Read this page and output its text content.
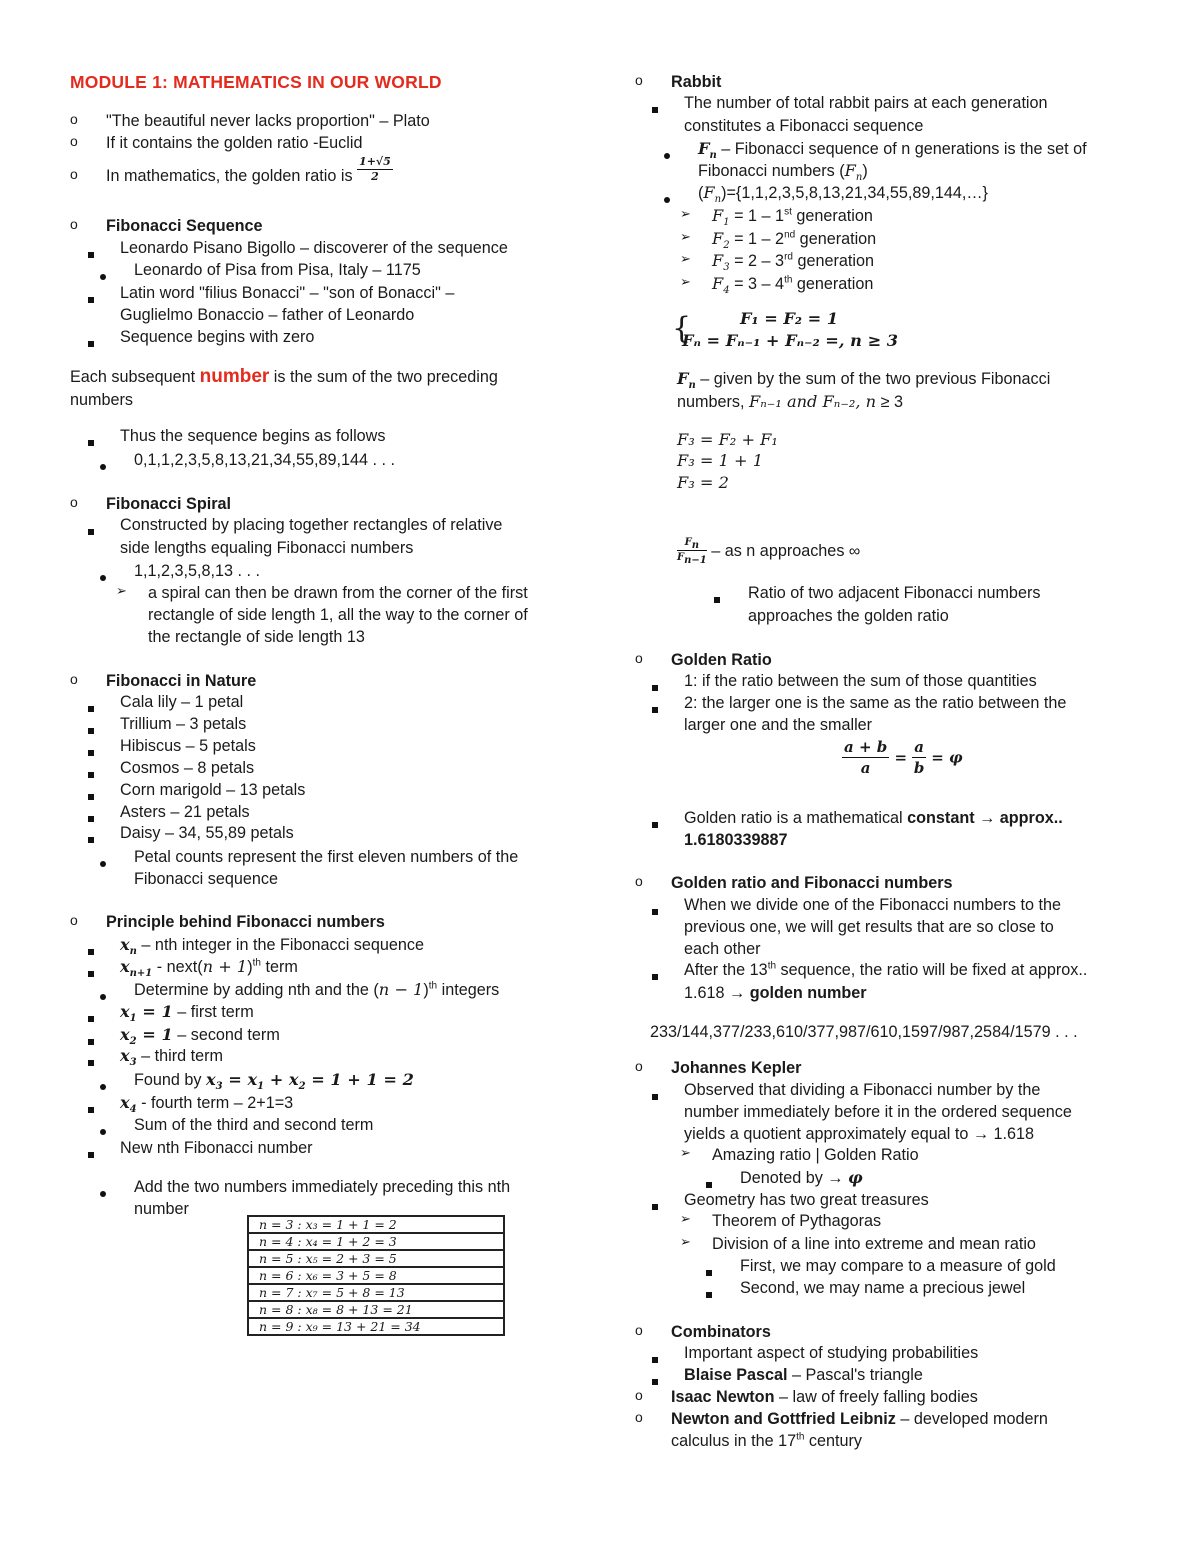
MODULE 1: MATHEMATICS IN OUR WORLD
o	"The beautiful never lacks proportion" – Plato
o	If it contains the golden ratio -Euclid
o	In mathematics, the golden ratio is $\frac{1+√5}{2}$
o	Fibonacci Sequence
Leonardo Pisano Bigollo – discoverer of the sequence
Leonardo of Pisa from Pisa, Italy – 1175
Latin word "filius Bonacci" – "son of Bonacci" –
Guglielmo Bonaccio – father of Leonardo
Sequence begins with zero
Each subsequent number is the sum of the two preceding
numbers
Thus the sequence begins as follows
0,1,1,2,3,5,8,13,21,34,55,89,144 . . .
o	Fibonacci Spiral
Constructed by placing together rectangles of relative
side lengths equaling Fibonacci numbers
1,1,2,3,5,8,13 . . .
➢ a spiral can then be drawn from the corner of the first
rectangle of side length 1, all the way to the corner of
the rectangle of side length 13
o	Fibonacci in Nature
Cala lily – 1 petal
Trillium – 3 petals
Hibiscus – 5 petals
Cosmos – 8 petals
Corn marigold – 13 petals
Asters – 21 petals
Daisy – 34, 55,89 petals
Petal counts represent the first eleven numbers of the
Fibonacci sequence
o	Principle behind Fibonacci numbers
$x_n$ – nth integer in the Fibonacci sequence
$x_{n+1}$ - next(n + 1)$^{th}$ term
Determine by adding nth and the $(n - 1)^{th}$ integers
$x_1 = 1$ – first term
$x_2 = 1$ – second term
$x_3$ – third term
Found by $x_3 = x_1 + x_2 = 1 + 1 = 2$
$x_4$ - fourth term – 2+1=3
Sum of the third and second term
New nth Fibonacci number
Add the two numbers immediately preceding this nth
number
n = 3 : x₃ = 1 + 1 = 2
n = 4 : x₄ = 1 + 2 = 3
n = 5 : x₅ = 2 + 3 = 5
n = 6 : x₆ = 3 + 5 = 8
n = 7 : x₇ = 5 + 8 = 13
n = 8 : x₈ = 8 + 13 = 21
n = 9 : x₉ = 13 + 21 = 34
o	Rabbit
The number of total rabbit pairs at each generation
constitutes a Fibonacci sequence
$F_n$ – Fibonacci sequence of n generations is the set of
Fibonacci numbers $(F_n)$
$(F_n)=\{1,1,2,3,5,8,13,21,34,55,89,144,\dots\}$
➢ $F_1 = 1 - 1st$ generation
➢ $F_2 = 1 - 2nd$ generation
➢ $F_3 = 2 - 3rd$ generation
➢ $F_4 = 3 - 4th$ generation
{	F₁ = F₂ = 1
Fₙ = Fₙ₋₁ + Fₙ₋₂ =, n ≥ 3
$F_n$ – given by the sum of the two previous Fibonacci
numbers, Fₙ₋₁ and Fₙ₋₂, n ≥ 3
F₃ = F₂ + F₁
F₃ = 1 + 1
F₃ = 2
$\frac{F_n}{F_{n-1}}$ – as n approaches ∞
Ratio of two adjacent Fibonacci numbers
approaches the golden ratio
o	Golden Ratio
1: if the ratio between the sum of those quantities
2: the larger one is the same as the ratio between the
larger one and the smaller
$\frac{a + b}{a} = \frac{a}{b} = \varphi$
Golden ratio is a mathematical constant → approx..
1.6180339887
o	Golden ratio and Fibonacci numbers
When we divide one of the Fibonacci numbers to the
previous one, we will get results that are so close to
each other
After the 13th sequence, the ratio will be fixed at approx..
1.618 → golden number
233/144,377/233,610/377,987/610,1597/987,2584/1579 . . .
o	Johannes Kepler
Observed that dividing a Fibonacci number by the
number immediately before it in the ordered sequence
yields a quotient approximately equal to → 1.618
➢ Amazing ratio | Golden Ratio
Denoted by → φ
Geometry has two great treasures
➢ Theorem of Pythagoras
➢ Division of a line into extreme and mean ratio
First, we may compare to a measure of gold
Second, we may name a precious jewel
o	Combinators
Important aspect of studying probabilities
Blaise Pascal – Pascal's triangle
o	Isaac Newton – law of freely falling bodies
o	Newton and Gottfried Leibniz – developed modern
calculus in the 17th century
